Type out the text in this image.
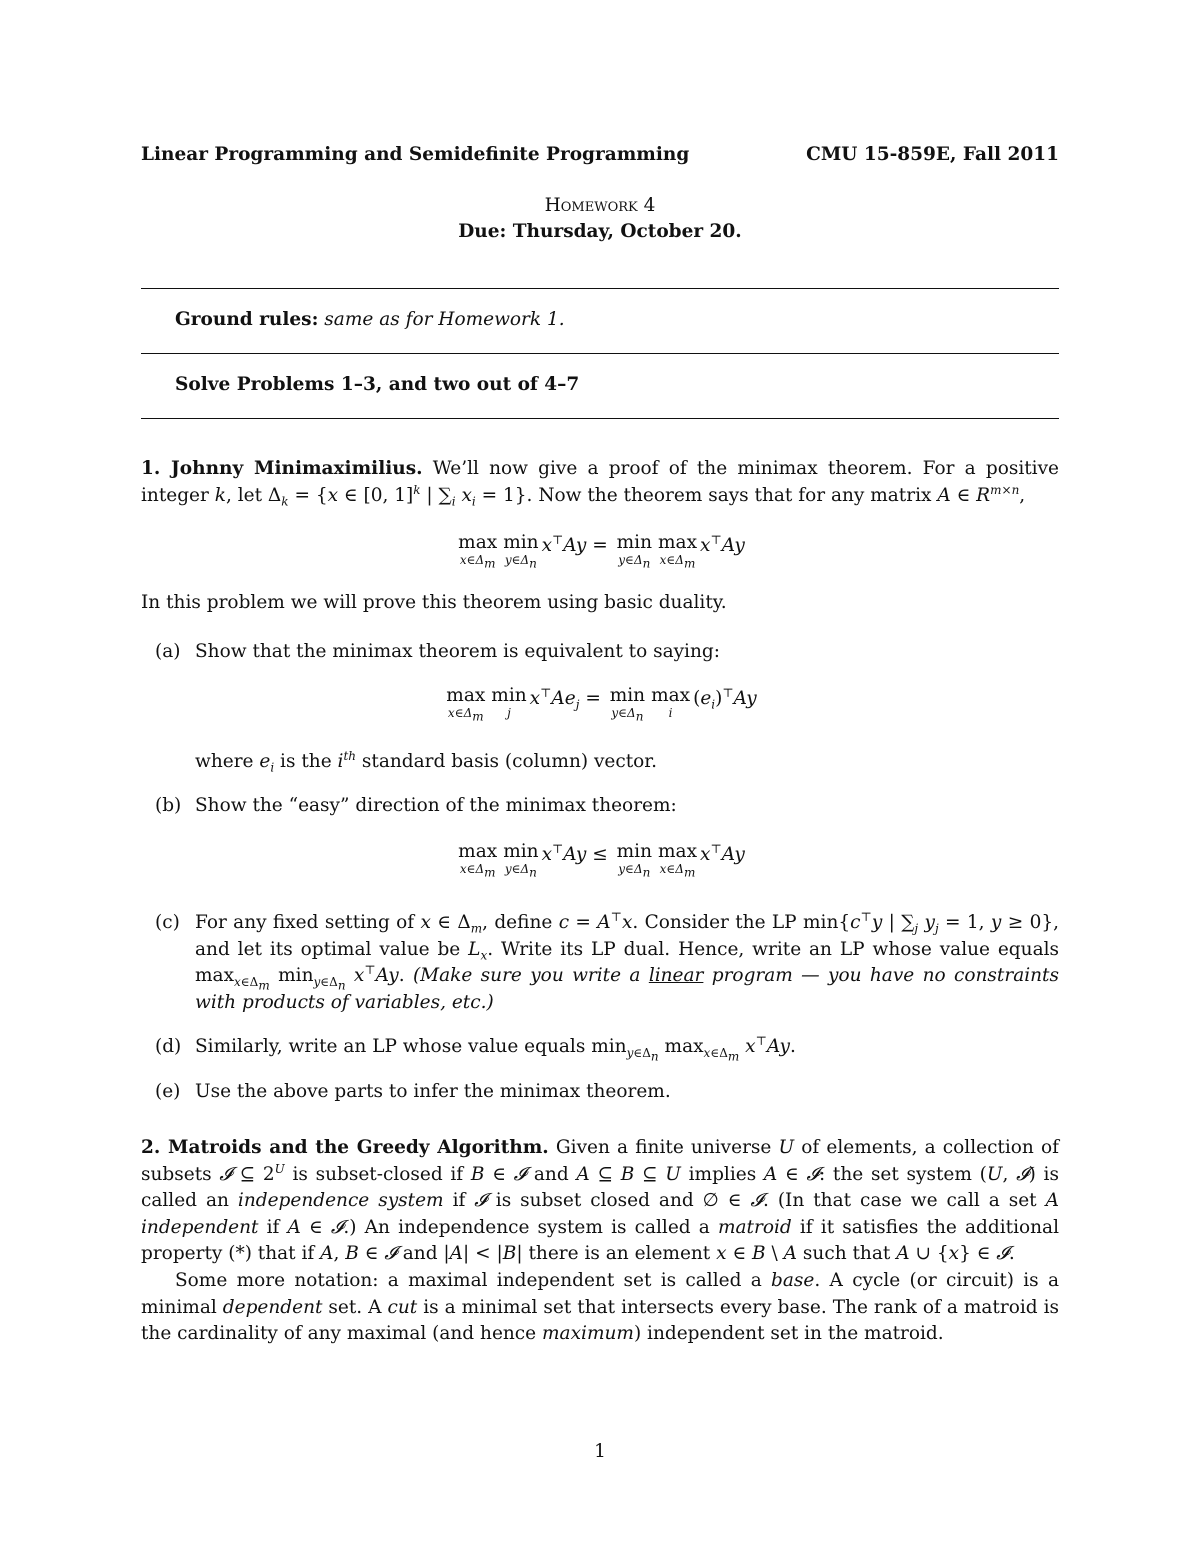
Linear Programming and Semidefinite Programming	CMU 15-859E, Fall 2011
Homework 4
Due: Thursday, October 20.
Ground rules: same as for Homework 1.
Solve Problems 1–3, and two out of 4–7
1. Johnny Minimaximilius. We’ll now give a proof of the minimax theorem. For a positive integer k, let $\Delta_k = \{x$ ∈ [0, 1]$^k$ | $\sum_i$ $x_i = 1$}. Now the theorem says that for any matrix A ∈ $R^{m\times n}$,
max
$x\in\Delta_m$
min
$y\in\Delta_n$
x⊤Ay = min
$y\in\Delta_n$
max
$x\in\Delta_m$
x⊤Ay
In this problem we will prove this theorem using basic duality.
(a) Show that the minimax theorem is equivalent to saying:
max
$x\in\Delta_m$
min
j
$x^⊤Ae_j = \min$
$y\in\Delta_n$
max
i
$(e_i)^⊤Ay$
where $e_i$ is the $i^{th}$ standard basis (column) vector.
(b) Show the “easy” direction of the minimax theorem:
max
$x\in\Delta_m$
min
$y\in\Delta_n$
x⊤Ay ≤ min
$y\in\Delta_n$
max
$x\in\Delta_m$
x⊤Ay
(c) For any fixed setting of x ∈ $\Delta_m$, define c = A⊤x. Consider the LP min{c⊤y | $\sum_j$ $y_j = 1$, y ≥ 0}, and let its optimal value be $L_x$. Write its LP dual. Hence, write an LP whose value equals $\max_{x\in\Delta_m} \min_{y\in\Delta_n} x^⊤Ay$. (Make sure you write a linear program — you have no constraints with products of variables, etc.)
(d) Similarly, write an LP whose value equals $\min_{y\in\Delta_n} \max_{x\in\Delta_m} x^⊤Ay$.
(e) Use the above parts to infer the minimax theorem.
2. Matroids and the Greedy Algorithm. Given a finite universe U of elements, a collection of subsets 𝓘 ⊆ $2^U$ is subset-closed if B ∈ 𝓘 and A ⊆ B ⊆ U implies A ∈ 𝓘: the set system (U, 𝓘) is called an independence system if 𝓘 is subset closed and ∅ ∈ 𝓘. (In that case we call a set A independent if A ∈ 𝓘.) An independence system is called a matroid if it satisfies the additional property (*) that if A, B ∈ 𝓘 and |A| < |B| there is an element x ∈ B \ A such that A ∪ {x} ∈ 𝓘.
Some more notation: a maximal independent set is called a base. A cycle (or circuit) is a minimal dependent set. A cut is a minimal set that intersects every base. The rank of a matroid is the cardinality of any maximal (and hence maximum) independent set in the matroid.
1
